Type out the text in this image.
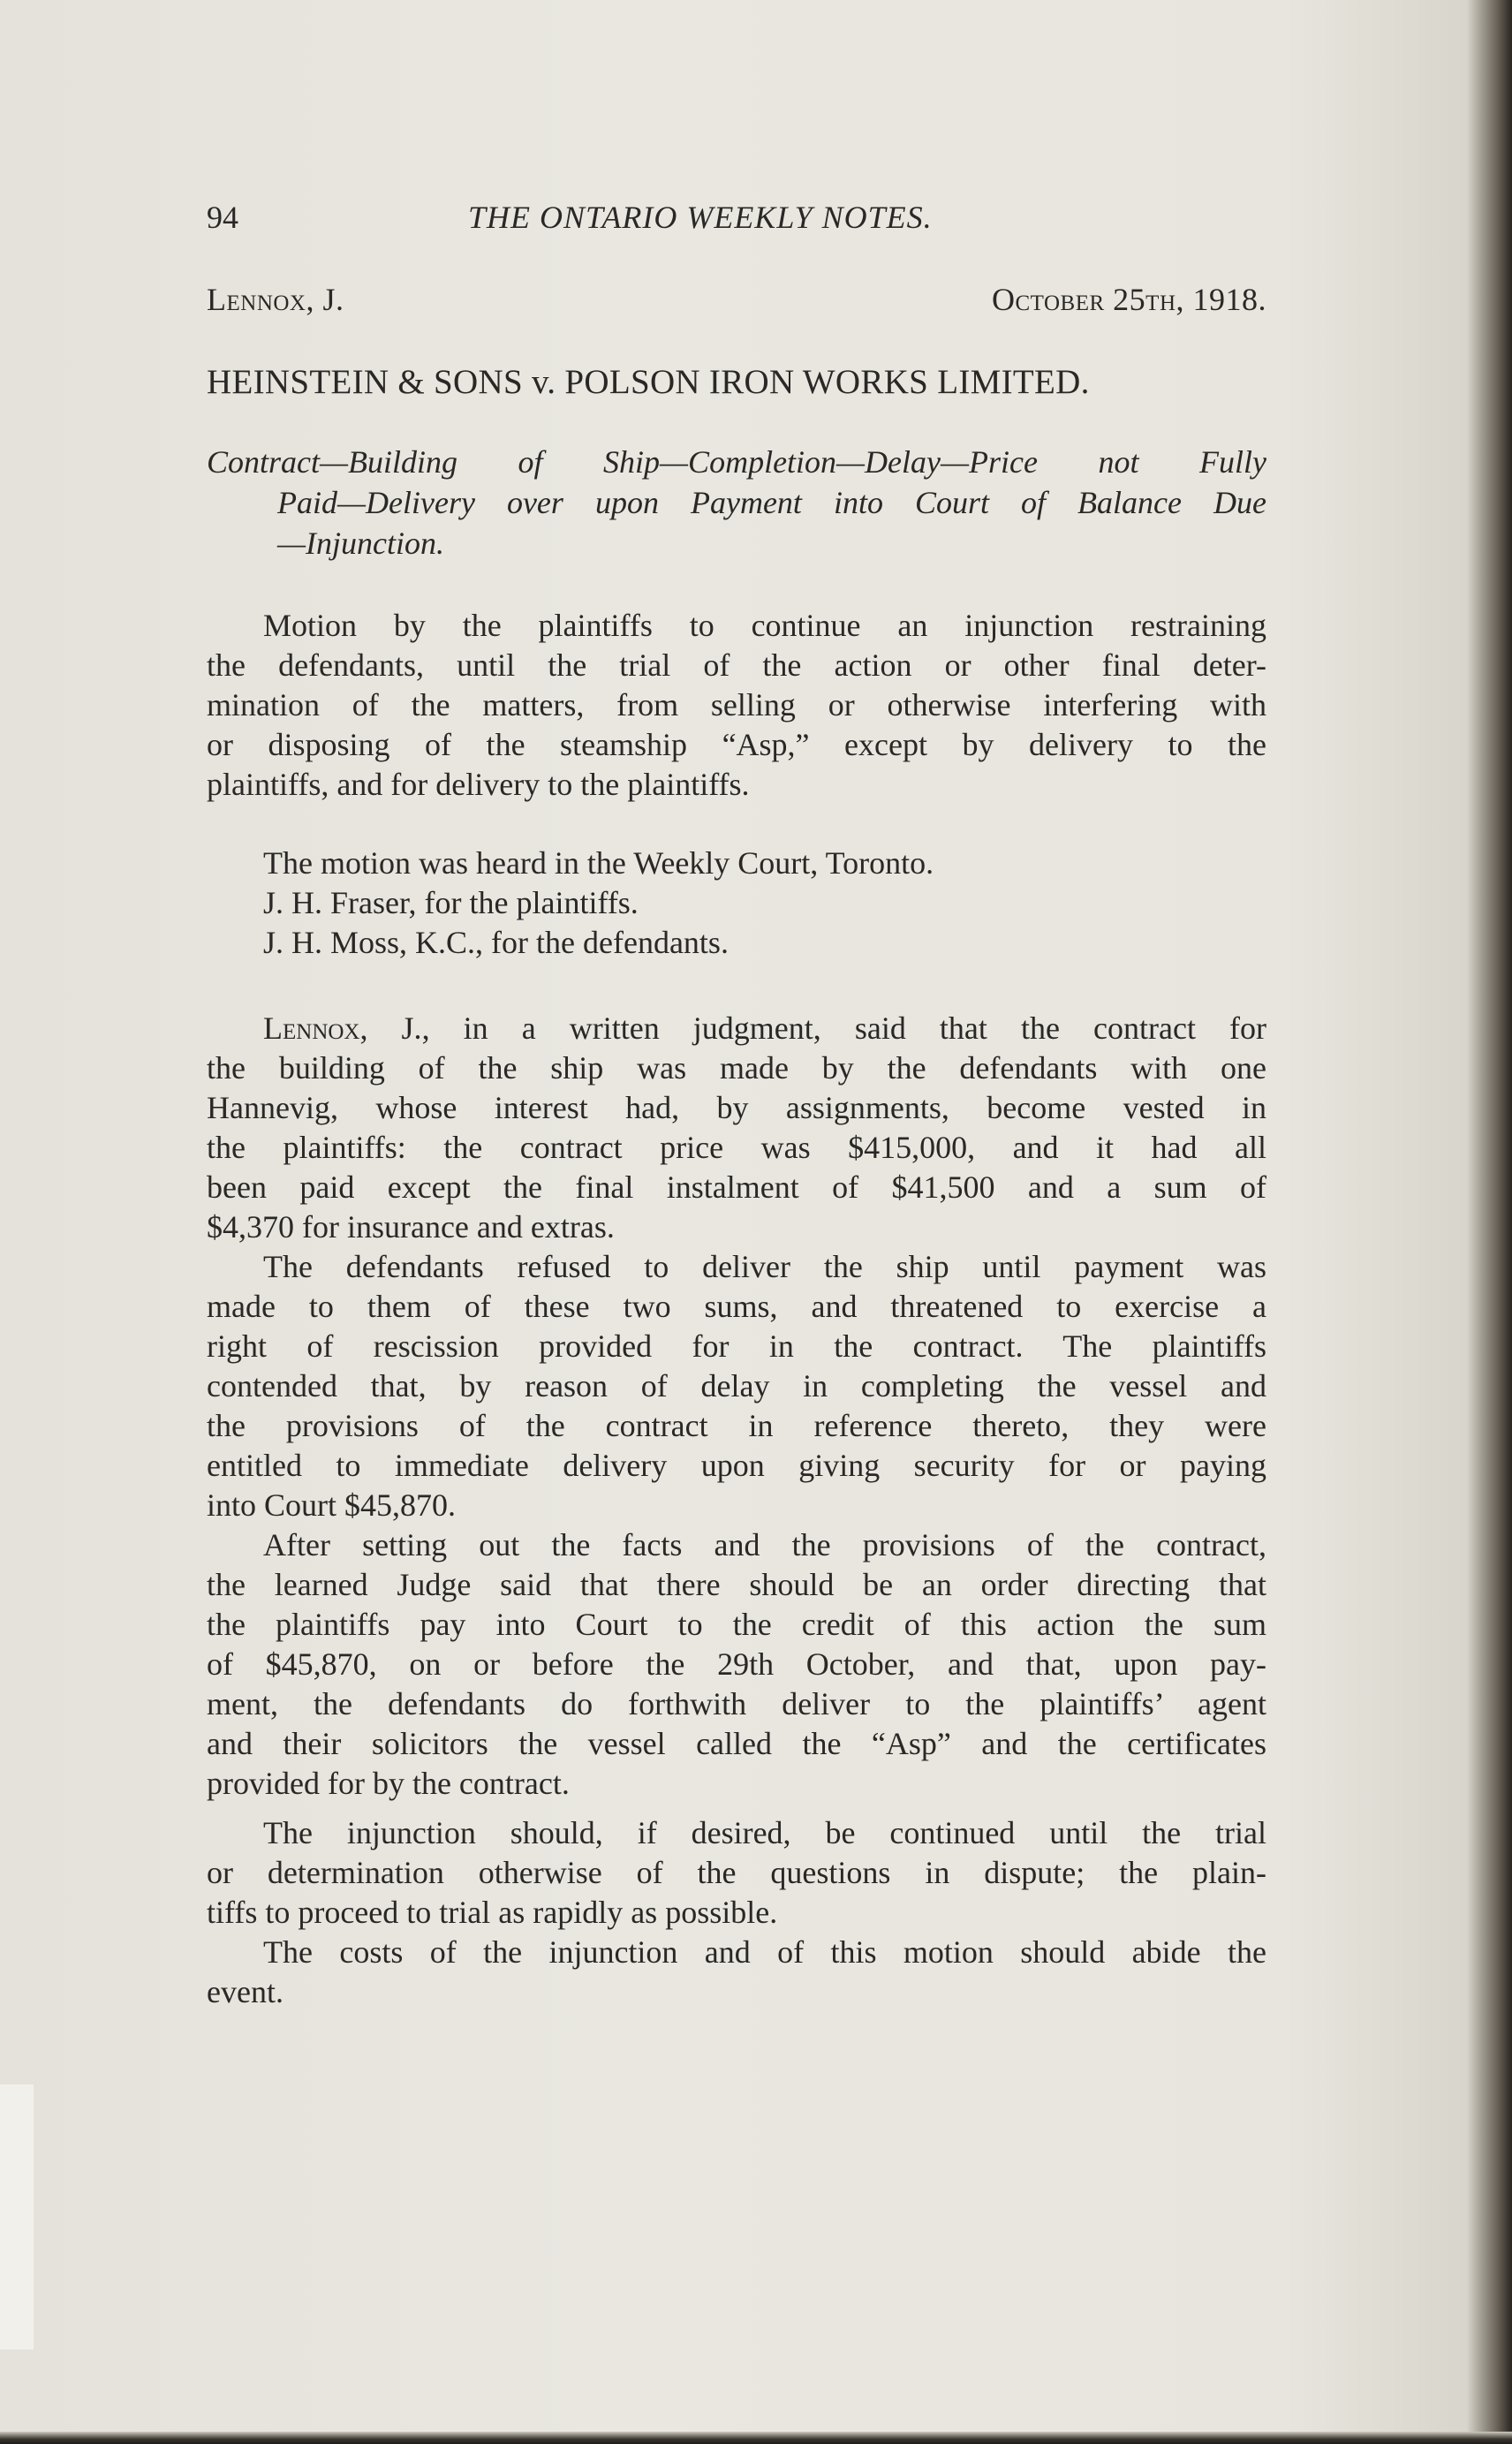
94	THE ONTARIO WEEKLY NOTES.
Lennox, J.	October 25th, 1918.
HEINSTEIN & SONS v. POLSON IRON WORKS LIMITED.
Contract—Building of Ship—Completion—Delay—Price not Fully
Paid—Delivery over upon Payment into Court of Balance Due
—Injunction.
Motion by the plaintiffs to continue an injunction restraining
the defendants, until the trial of the action or other final deter-
mination of the matters, from selling or otherwise interfering with
or disposing of the steamship “Asp,” except by delivery to the
plaintiffs, and for delivery to the plaintiffs.
The motion was heard in the Weekly Court, Toronto.
J. H. Fraser, for the plaintiffs.
J. H. Moss, K.C., for the defendants.
Lennox, J., in a written judgment, said that the contract for
the building of the ship was made by the defendants with one
Hannevig, whose interest had, by assignments, become vested in
the plaintiffs: the contract price was $415,000, and it had all
been paid except the final instalment of $41,500 and a sum of
$4,370 for insurance and extras.
The defendants refused to deliver the ship until payment was
made to them of these two sums, and threatened to exercise a
right of rescission provided for in the contract. The plaintiffs
contended that, by reason of delay in completing the vessel and
the provisions of the contract in reference thereto, they were
entitled to immediate delivery upon giving security for or paying
into Court $45,870.
After setting out the facts and the provisions of the contract,
the learned Judge said that there should be an order directing that
the plaintiffs pay into Court to the credit of this action the sum
of $45,870, on or before the 29th October, and that, upon pay-
ment, the defendants do forthwith deliver to the plaintiffs’ agent
and their solicitors the vessel called the “Asp” and the certificates
provided for by the contract.
The injunction should, if desired, be continued until the trial
or determination otherwise of the questions in dispute; the plain-
tiffs to proceed to trial as rapidly as possible.
The costs of the injunction and of this motion should abide the
event.
